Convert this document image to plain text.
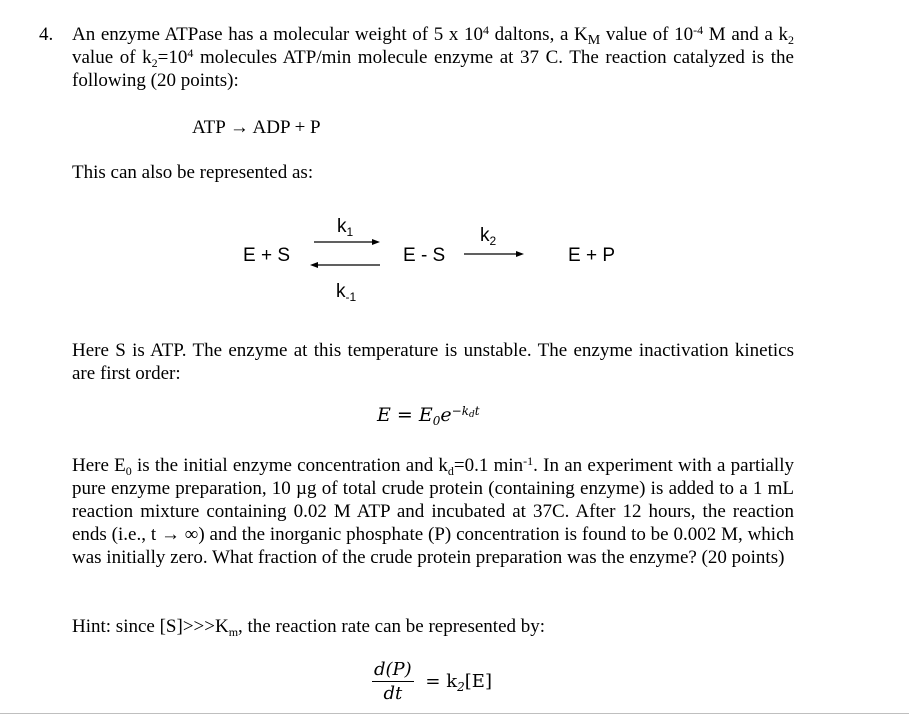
4. An enzyme ATPase has a molecular weight of 5 x $10^4$ daltons, a $K_M$ value of $10^{-4}$ M and a $k_2$ value of $k_2=10^4$ molecules ATP/min molecule enzyme at 37 C. The reaction catalyzed is the following (20 points):
ATP → ADP + P
This can also be represented as:
E + S	E - S	E + P
$k_1$
$k_{-1}$
$k_2$
Here S is ATP. The enzyme at this temperature is unstable. The enzyme inactivation kinetics are first order:
$E = E_0e^{-k_dt}$
Here $E_0$ is the initial enzyme concentration and $k_d=0.1$ $\min^{-1}$. In an experiment with a partially pure enzyme preparation, 10 µg of total crude protein (containing enzyme) is added to a 1 mL reaction mixture containing 0.02 M ATP and incubated at 37C. After 12 hours, the reaction ends (i.e., t → ∞) and the inorganic phosphate (P) concentration is found to be 0.002 M, which was initially zero. What fraction of the crude protein preparation was the enzyme? (20 points)
Hint: since $[S]>>>K_m$, the reaction rate can be represented by:
$\frac{d(P)}{dt} = k_2[E]$
